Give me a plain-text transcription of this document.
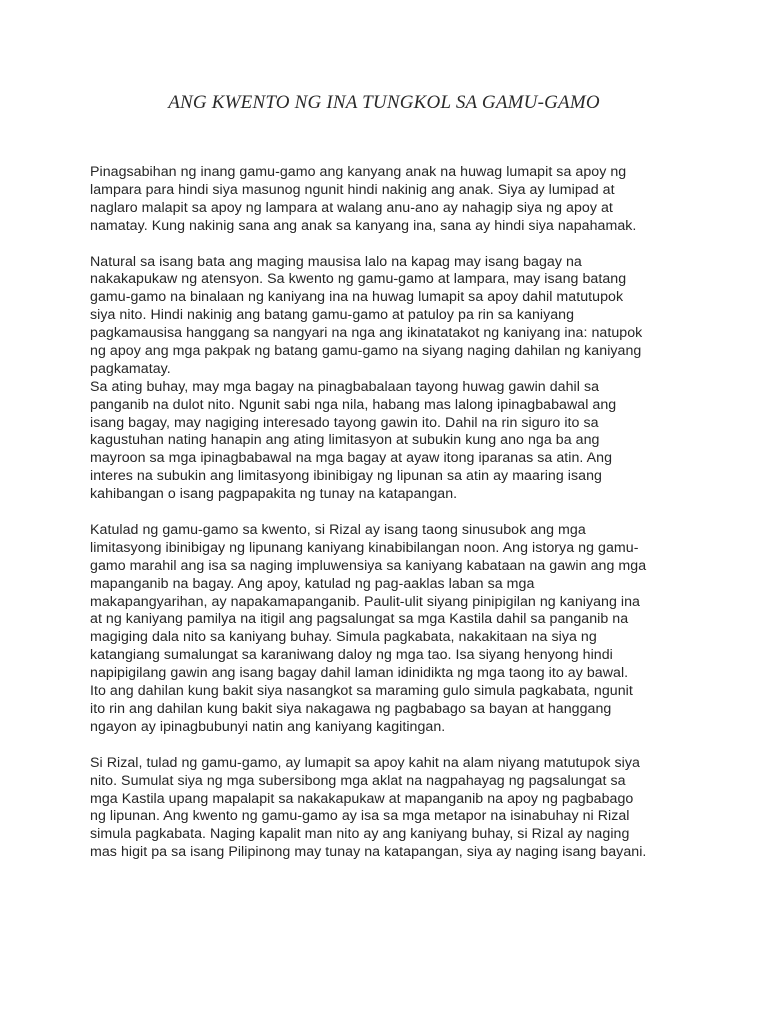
ANG KWENTO NG INA TUNGKOL SA GAMU-GAMO
Pinagsabihan ng inang gamu-gamo ang kanyang anak na huwag lumapit sa apoy ng
lampara para hindi siya masunog ngunit hindi nakinig ang anak. Siya ay lumipad at
naglaro malapit sa apoy ng lampara at walang anu-ano ay nahagip siya ng apoy at
namatay. Kung nakinig sana ang anak sa kanyang ina, sana ay hindi siya napahamak.
Natural sa isang bata ang maging mausisa lalo na kapag may isang bagay na
nakakapukaw ng atensyon. Sa kwento ng gamu-gamo at lampara, may isang batang
gamu-gamo na binalaan ng kaniyang ina na huwag lumapit sa apoy dahil matutupok
siya nito. Hindi nakinig ang batang gamu-gamo at patuloy pa rin sa kaniyang
pagkamausisa hanggang sa nangyari na nga ang ikinatatakot ng kaniyang ina: natupok
ng apoy ang mga pakpak ng batang gamu-gamo na siyang naging dahilan ng kaniyang
pagkamatay.
Sa ating buhay, may mga bagay na pinagbabalaan tayong huwag gawin dahil sa
panganib na dulot nito. Ngunit sabi nga nila, habang mas lalong ipinagbabawal ang
isang bagay, may nagiging interesado tayong gawin ito. Dahil na rin siguro ito sa
kagustuhan nating hanapin ang ating limitasyon at subukin kung ano nga ba ang
mayroon sa mga ipinagbabawal na mga bagay at ayaw itong iparanas sa atin. Ang
interes na subukin ang limitasyong ibinibigay ng lipunan sa atin ay maaring isang
kahibangan o isang pagpapakita ng tunay na katapangan.
Katulad ng gamu-gamo sa kwento, si Rizal ay isang taong sinusubok ang mga
limitasyong ibinibigay ng lipunang kaniyang kinabibilangan noon. Ang istorya ng gamu-
gamo marahil ang isa sa naging impluwensiya sa kaniyang kabataan na gawin ang mga
mapanganib na bagay. Ang apoy, katulad ng pag-aaklas laban sa mga
makapangyarihan, ay napakamapanganib. Paulit-ulit siyang pinipigilan ng kaniyang ina
at ng kaniyang pamilya na itigil ang pagsalungat sa mga Kastila dahil sa panganib na
magiging dala nito sa kaniyang buhay. Simula pagkabata, nakakitaan na siya ng
katangiang sumalungat sa karaniwang daloy ng mga tao. Isa siyang henyong hindi
napipigilang gawin ang isang bagay dahil laman idinidikta ng mga taong ito ay bawal.
Ito ang dahilan kung bakit siya nasangkot sa maraming gulo simula pagkabata, ngunit
ito rin ang dahilan kung bakit siya nakagawa ng pagbabago sa bayan at hanggang
ngayon ay ipinagbubunyi natin ang kaniyang kagitingan.
Si Rizal, tulad ng gamu-gamo, ay lumapit sa apoy kahit na alam niyang matutupok siya
nito. Sumulat siya ng mga subersibong mga aklat na nagpahayag ng pagsalungat sa
mga Kastila upang mapalapit sa nakakapukaw at mapanganib na apoy ng pagbabago
ng lipunan. Ang kwento ng gamu-gamo ay isa sa mga metapor na isinabuhay ni Rizal
simula pagkabata. Naging kapalit man nito ay ang kaniyang buhay, si Rizal ay naging
mas higit pa sa isang Pilipinong may tunay na katapangan, siya ay naging isang bayani.
